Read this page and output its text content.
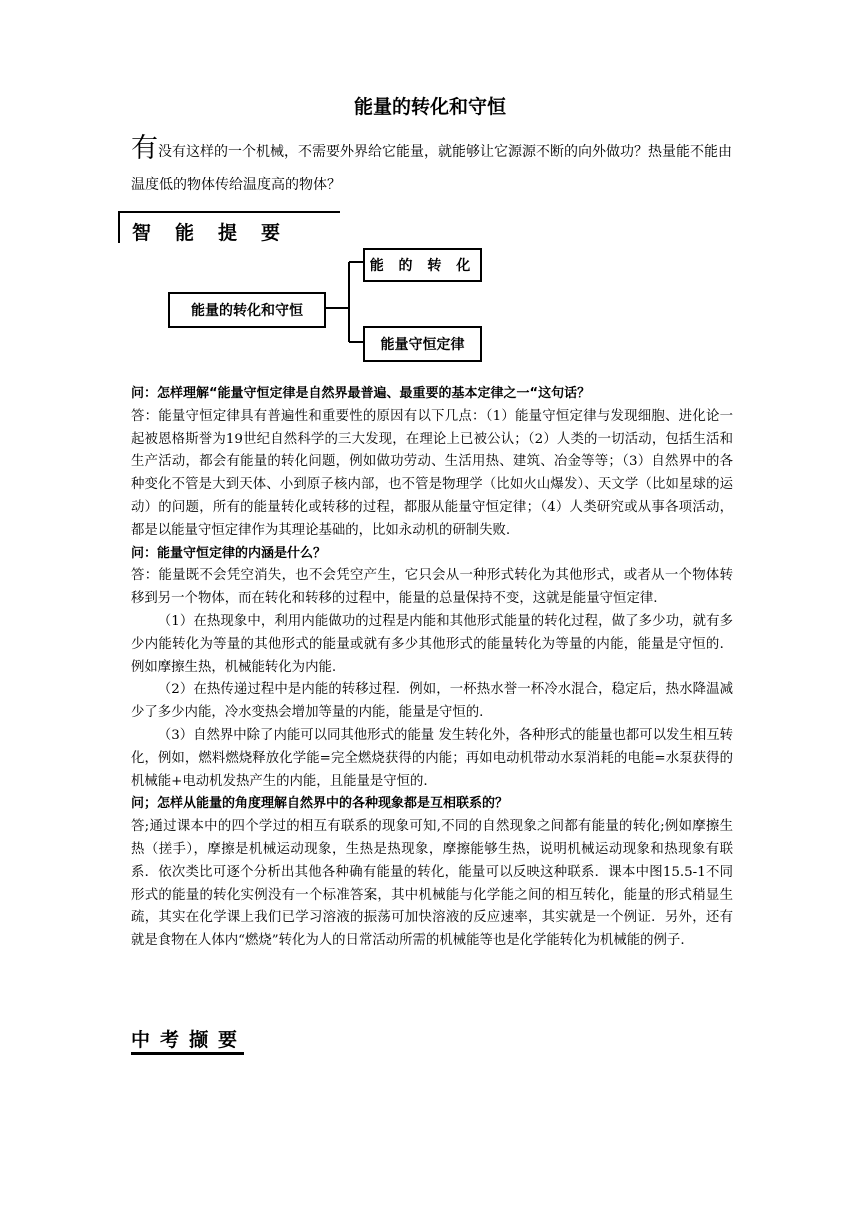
能量的转化和守恒
有没有这样的一个机械，不需要外界给它能量，就能够让它源源不断的向外做功？热量能不能由温度低的物体传给温度高的物体？
智能提要
能量的转化和守恒
能 的 转 化
能量守恒定律

问：怎样理解“能量守恒定律是自然界最普遍、最重要的基本定律之一“这句话？

答：能量守恒定律具有普遍性和重要性的原因有以下几点：（1）能量守恒定律与发现细胞、进化论一起被恩格斯誉为19世纪自然科学的三大发现，在理论上已被公认；（2）人类的一切活动，包括生活和生产活动，都会有能量的转化问题，例如做功劳动、生活用热、建筑、冶金等等；（3）自然界中的各种变化不管是大到天体、小到原子核内部，也不管是物理学（比如火山爆发）、天文学（比如星球的运动）的问题，所有的能量转化或转移的过程，都服从能量守恒定律；（4）人类研究或从事各项活动，都是以能量守恒定律作为其理论基础的，比如永动机的研制失败.

问：能量守恒定律的内涵是什么？

答：能量既不会凭空消失，也不会凭空产生，它只会从一种形式转化为其他形式，或者从一个物体转移到另一个物体，而在转化和转移的过程中，能量的总量保持不变，这就是能量守恒定律.

（1）在热现象中，利用内能做功的过程是内能和其他形式能量的转化过程，做了多少功，就有多少内能转化为等量的其他形式的能量或就有多少其他形式的能量转化为等量的内能，能量是守恒的．例如摩擦生热，机械能转化为内能.

（2）在热传递过程中是内能的转移过程．例如，一杯热水誉一杯冷水混合，稳定后，热水降温减少了多少内能，冷水变热会增加等量的内能，能量是守恒的.

（3）自然界中除了内能可以同其他形式的能量 发生转化外，各种形式的能量也都可以发生相互转化，例如，燃料燃烧释放化学能=完全燃烧获得的内能；再如电动机带动水泵消耗的电能=水泵获得的机械能+电动机发热产生的内能，且能量是守恒的.

问；怎样从能量的角度理解自然界中的各种现象都是互相联系的？

答;通过课本中的四个学过的相互有联系的现象可知,不同的自然现象之间都有能量的转化;例如摩擦生热（搓手），摩擦是机械运动现象，生热是热现象，摩擦能够生热，说明机械运动现象和热现象有联系．依次类比可逐个分析出其他各种确有能量的转化，能量可以反映这种联系．课本中图15.5-1不同形式的能量的转化实例没有一个标准答案，其中机械能与化学能之间的相互转化，能量的形式稍显生疏，其实在化学课上我们已学习溶液的振荡可加快溶液的反应速率，其实就是一个例证．另外，还有就是食物在人体内“燃烧”转化为人的日常活动所需的机械能等也是化学能转化为机械能的例子.

中考撷要
